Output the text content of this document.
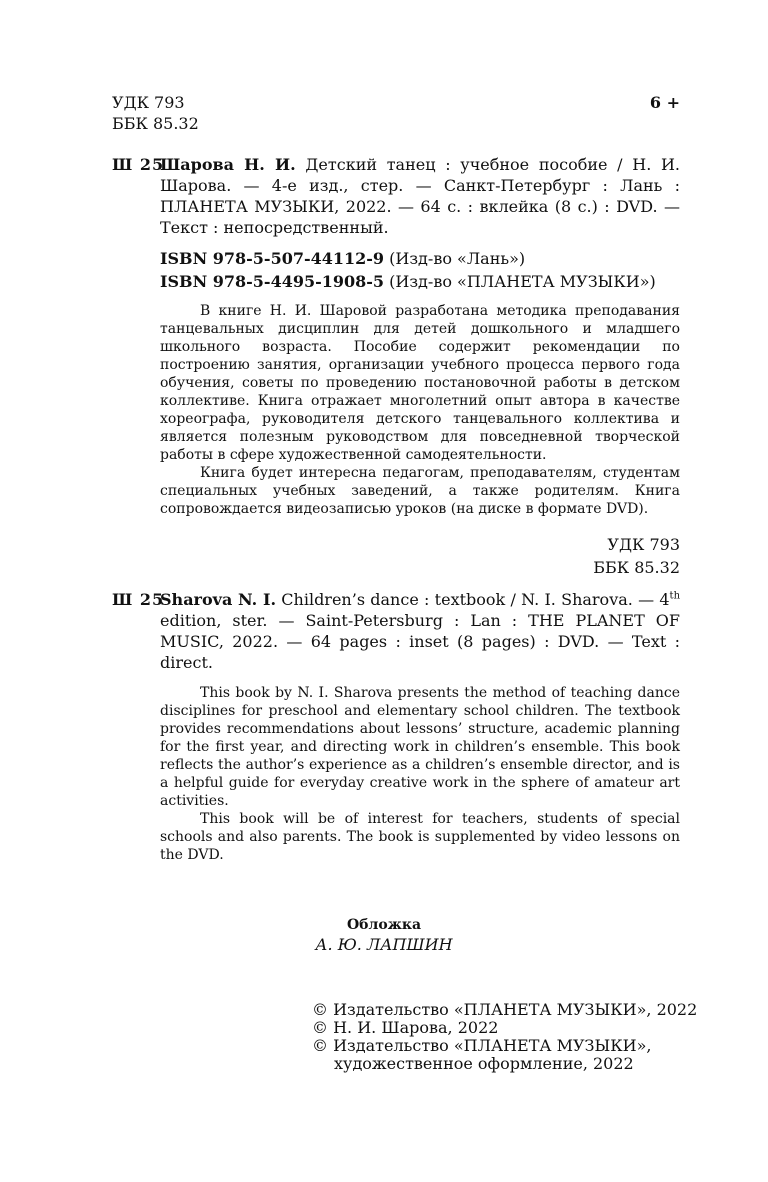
УДК 793
ББК 85.32
6 +
Ш 25
Шарова Н. И. Детский танец : учебное пособие / Н. И. Шарова. — 4-е изд., стер. — Санкт-Петербург : Лань : ПЛАНЕТА МУЗЫКИ, 2022. — 64 с. : вклейка (8 с.) : DVD. — Текст : непосредственный.
ISBN 978-5-507-44112-9 (Изд-во «Лань»)
ISBN 978-5-4495-1908-5 (Изд-во «ПЛАНЕТА МУЗЫКИ»)

В книге Н. И. Шаровой разработана методика преподавания танцевальных дисциплин для детей дошкольного и младшего школьного возраста. Пособие содержит рекомендации по построению занятия, организации учебного процесса первого года обучения, советы по проведению постановочной работы в детском коллективе. Книга отражает многолетний опыт автора в качестве хореографа, руководителя детского танцевального коллектива и является полезным руководством для повседневной творческой работы в сфере художественной самодеятельности.

Книга будет интересна педагогам, преподавателям, студентам специальных учебных заведений, а также родителям. Книга сопровождается видеозаписью уроков (на диске в формате DVD).

УДК 793
ББК 85.32
Ш 25
Sharova N. I. Children’s dance : textbook / N. I. Sharova. — 4th edition, ster. — Saint-Petersburg : Lan : THE PLANET OF MUSIC, 2022. — 64 pages : inset (8 pages) : DVD. — Text : direct.

This book by N. I. Sharova presents the method of teaching dance disciplines for preschool and elementary school children. The textbook provides recommendations about lessons’ structure, academic planning for the first year, and directing work in children’s ensemble. This book reflects the author’s experience as a children’s ensemble director, and is a helpful guide for everyday creative work in the sphere of amateur art activities.

This book will be of interest for teachers, students of special schools and also parents. The book is supplemented by video lessons on the DVD.

Обложка
А. Ю. ЛАПШИН
© Издательство «ПЛАНЕТА МУЗЫКИ», 2022
© Н. И. Шарова, 2022
© Издательство «ПЛАНЕТА МУЗЫКИ»,
художественное оформление, 2022
